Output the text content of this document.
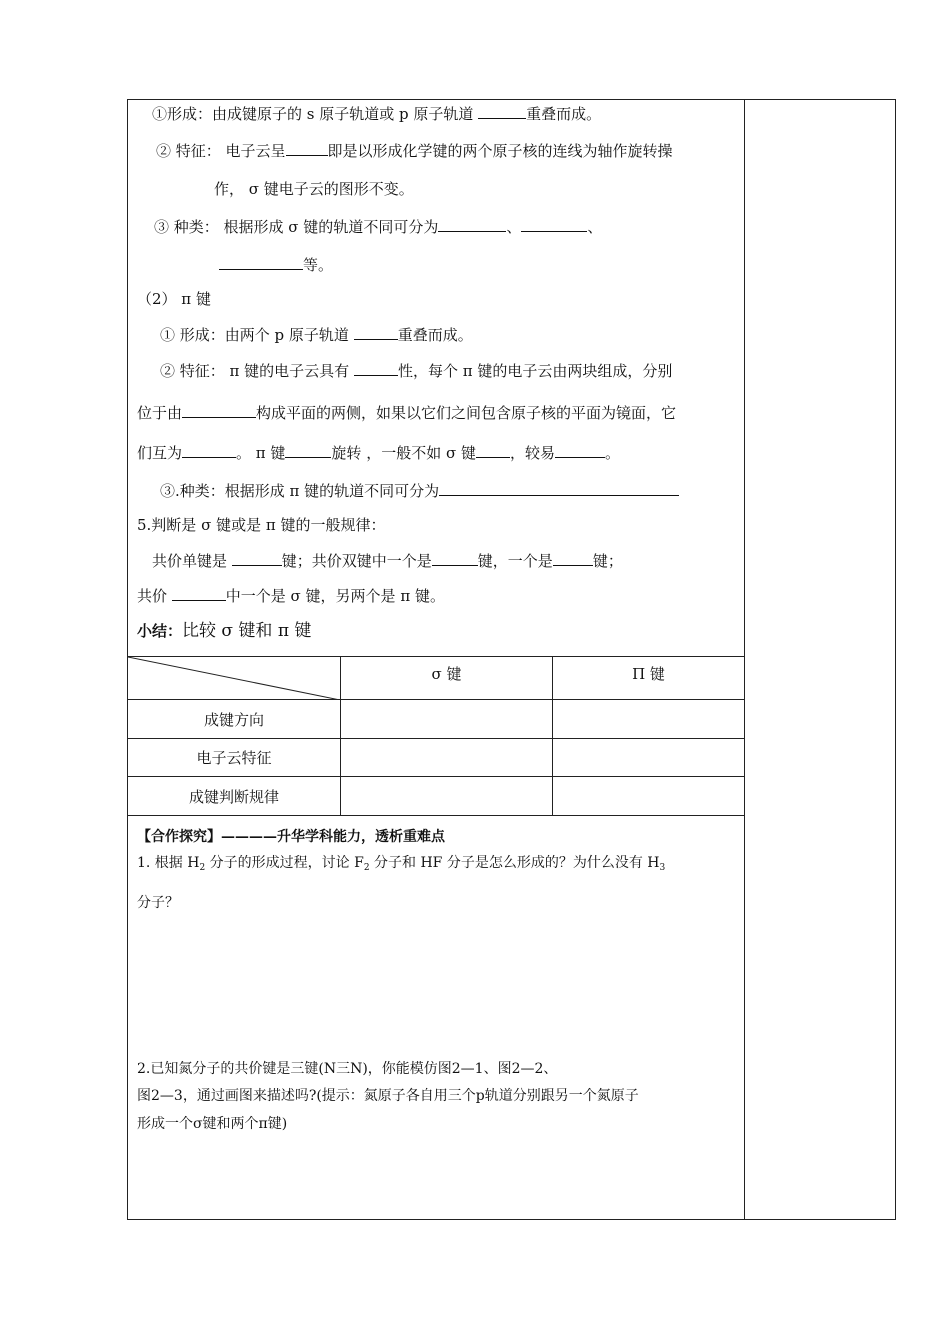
①形成：由成键原子的 s 原子轨道或 p 原子轨道	重叠而成。
② 特征： 电子云呈	即是以形成化学键的两个原子核的连线为轴作旋转操
作， σ 键电子云的图形不变。
③ 种类： 根据形成 σ 键的轨道不同可分为	、	、
等。
（2） π 键
① 形成：由两个 p 原子轨道	重叠而成。
② 特征： π 键的电子云具有	性，每个 π 键的电子云由两块组成，分别
位于由	构成平面的两侧，如果以它们之间包含原子核的平面为镜面，它
们互为	。 π 键	旋转 ，一般不如 σ 键 ，较易	。
③.种类：根据形成 π 键的轨道不同可分为
5.判断是 σ 键或是 π 键的一般规律：
共价单键是	键；共价双键中一个是	键，一个是	键；
共价	中一个是 σ 键，另两个是 π 键。
小结：比较 σ 键和 π 键
	σ 键	Π 键
成键方向		
电子云特征		
成键判断规律		
【合作探究】————升华学科能力，透析重难点
1. 根据 $H_2$ 分子的形成过程，讨论 $F_2$ 分子和 HF 分子是怎么形成的？为什么没有 $H_3$
分子？
2.已知氮分子的共价键是三键(N三N)，你能模仿图2—1、图2—2、
图2—3，通过画图来描述吗?(提示：氮原子各自用三个p轨道分别跟另一个氮原子
形成一个σ键和两个π键)
